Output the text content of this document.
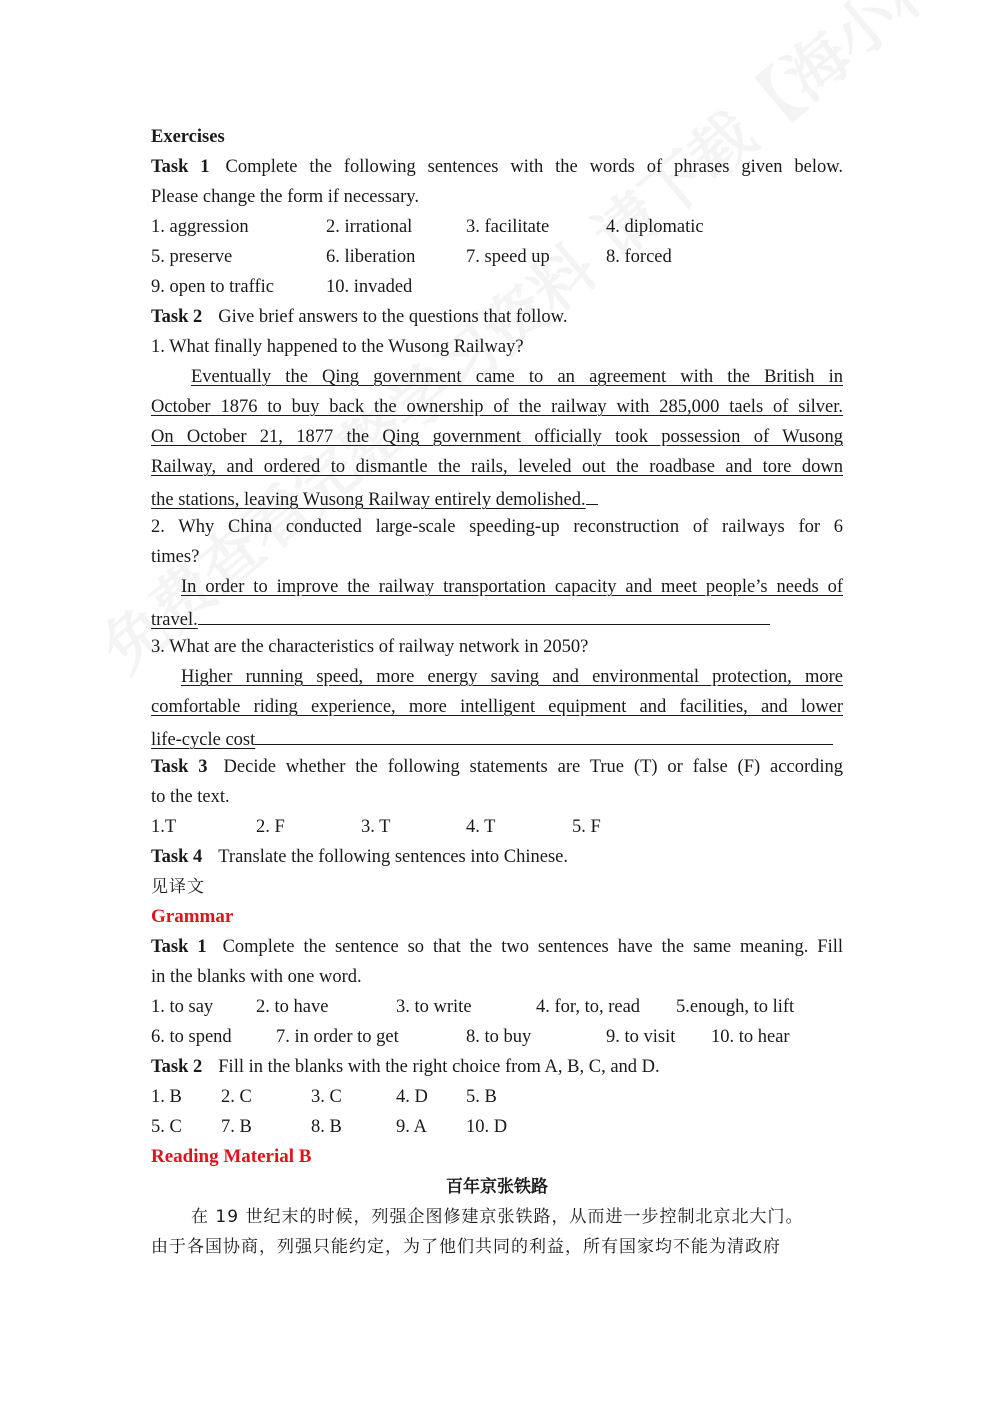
Exercises
Task 1 Complete the following sentences with the words of phrases given below.
Please change the form if necessary.
1. aggression	2. irrational	3. facilitate	4. diplomatic
5. preserve	6. liberation	7. speed up	8. forced
9. open to traffic	10. invaded
Task 2 Give brief answers to the questions that follow.
1. What finally happened to the Wusong Railway?
Eventually the Qing government came to an agreement with the British in
October 1876 to buy back the ownership of the railway with 285,000 taels of silver.
On October 21, 1877 the Qing government officially took possession of Wusong
Railway, and ordered to dismantle the rails, leveled out the roadbase and tore down
the stations, leaving Wusong Railway entirely demolished.
2. Why China conducted large-scale speeding-up reconstruction of railways for 6
times?
In order to improve the railway transportation capacity and meet people’s needs of
travel.
3. What are the characteristics of railway network in 2050?
Higher running speed, more energy saving and environmental protection, more
comfortable riding experience, more intelligent equipment and facilities, and lower
life-cycle cost
Task 3 Decide whether the following statements are True (T) or false (F) according
to the text.
1.T	2. F	3. T	4. T	5. F
Task 4 Translate the following sentences into Chinese.
见译文
Grammar
Task 1 Complete the sentence so that the two sentences have the same meaning. Fill
in the blanks with one word.
1. to say	2. to have	3. to write	4. for, to, read	5.enough, to lift
6. to spend	7. in order to get	8. to buy	9. to visit	10. to hear
Task 2 Fill in the blanks with the right choice from A, B, C, and D.
1. B	2. C	3. C	4. D	5. B
5. C	7. B	8. B	9. A	10. D
Reading Material B
百年京张铁路
在 19 世纪末的时候，列强企图修建京张铁路，从而进一步控制北京北大门。
由于各国协商，列强只能约定，为了他们共同的利益，所有国家均不能为清政府
